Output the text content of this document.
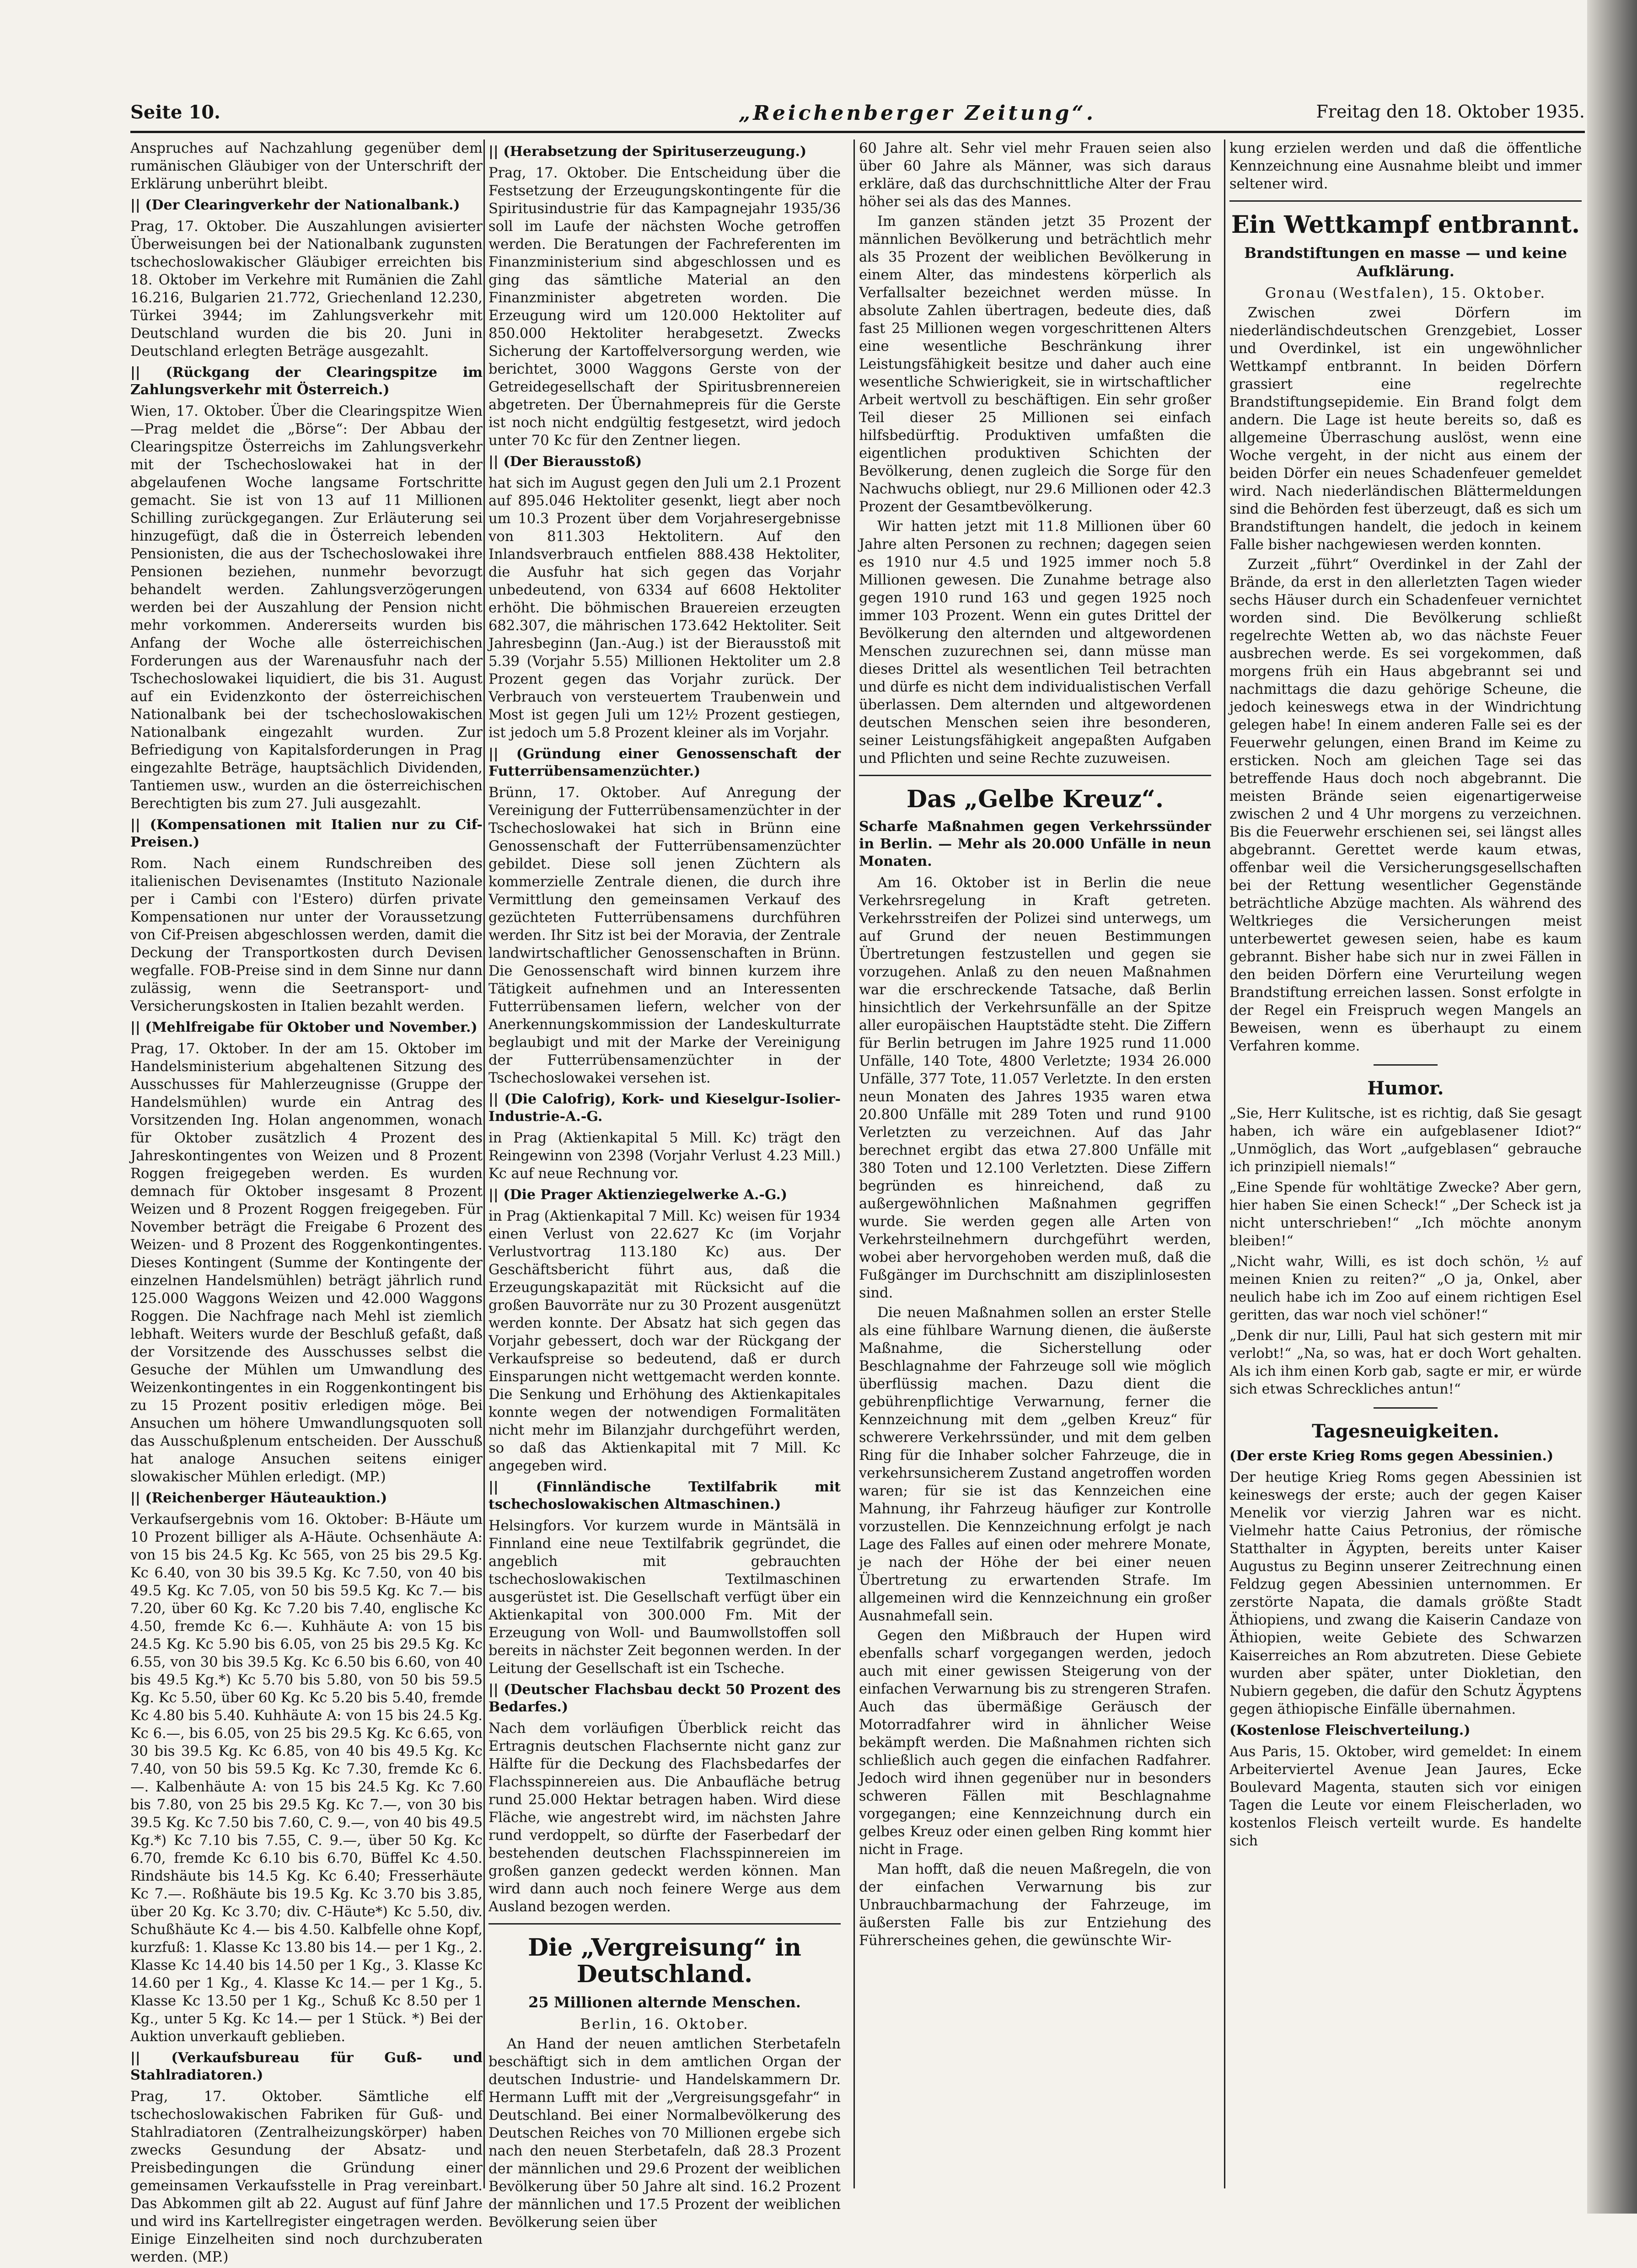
Seite 10.	„Reichenberger Zeitung“.	Freitag den 18. Oktober 1935.

Anspruches auf Nachzahlung gegenüber dem rumänischen Gläubiger von der Unterschrift der Erklärung unberührt bleibt.

|| (Der Clearingverkehr der Nationalbank.)

Prag, 17. Oktober. Die Auszahlungen avisierter Überweisungen bei der Nationalbank zugunsten tschechoslowakischer Gläubiger erreichten bis 18. Oktober im Verkehre mit Rumänien die Zahl 16.216, Bulgarien 21.772, Griechenland 12.230, Türkei 3944; im Zahlungsverkehr mit Deutschland wurden die bis 20. Juni in Deutschland erlegten Beträge ausgezahlt.

|| (Rückgang der Clearingspitze im Zahlungsverkehr mit Österreich.)

Wien, 17. Oktober. Über die Clearingspitze Wien—Prag meldet die „Börse“: Der Abbau der Clearingspitze Österreichs im Zahlungsverkehr mit der Tschechoslowakei hat in der abgelaufenen Woche langsame Fortschritte gemacht. Sie ist von 13 auf 11 Millionen Schilling zurückgegangen. Zur Erläuterung sei hinzugefügt, daß die in Österreich lebenden Pensionisten, die aus der Tschechoslowakei ihre Pensionen beziehen, nunmehr bevorzugt behandelt werden. Zahlungsverzögerungen werden bei der Auszahlung der Pension nicht mehr vorkommen. Andererseits wurden bis Anfang der Woche alle österreichischen Forderungen aus der Warenausfuhr nach der Tschechoslowakei liquidiert, die bis 31. August auf ein Evidenzkonto der österreichischen Nationalbank bei der tschechoslowakischen Nationalbank eingezahlt wurden. Zur Befriedigung von Kapitalsforderungen in Prag eingezahlte Beträge, hauptsächlich Dividenden, Tantiemen usw., wurden an die österreichischen Berechtigten bis zum 27. Juli ausgezahlt.

|| (Kompensationen mit Italien nur zu Cif-Preisen.)

Rom. Nach einem Rundschreiben des italienischen Devisenamtes (Instituto Nazionale per i Cambi con l'Estero) dürfen private Kompensationen nur unter der Voraussetzung von Cif-Preisen abgeschlossen werden, damit die Deckung der Transportkosten durch Devisen wegfalle. FOB-Preise sind in dem Sinne nur dann zulässig, wenn die Seetransport- und Versicherungskosten in Italien bezahlt werden.

|| (Mehlfreigabe für Oktober und November.)

Prag, 17. Oktober. In der am 15. Oktober im Handelsministerium abgehaltenen Sitzung des Ausschusses für Mahlerzeugnisse (Gruppe der Handelsmühlen) wurde ein Antrag des Vorsitzenden Ing. Holan angenommen, wonach für Oktober zusätzlich 4 Prozent des Jahreskontingentes von Weizen und 8 Prozent Roggen freigegeben werden. Es wurden demnach für Oktober insgesamt 8 Prozent Weizen und 8 Prozent Roggen freigegeben. Für November beträgt die Freigabe 6 Prozent des Weizen- und 8 Prozent des Roggenkontingentes. Dieses Kontingent (Summe der Kontingente der einzelnen Handelsmühlen) beträgt jährlich rund 125.000 Waggons Weizen und 42.000 Waggons Roggen. Die Nachfrage nach Mehl ist ziemlich lebhaft. Weiters wurde der Beschluß gefaßt, daß der Vorsitzende des Ausschusses selbst die Gesuche der Mühlen um Umwandlung des Weizenkontingentes in ein Roggenkontingent bis zu 15 Prozent positiv erledigen möge. Bei Ansuchen um höhere Umwandlungsquoten soll das Ausschußplenum entscheiden. Der Ausschuß hat analoge Ansuchen seitens einiger slowakischer Mühlen erledigt. (MP.)

|| (Reichenberger Häuteauktion.)

Verkaufsergebnis vom 16. Oktober: B-Häute um 10 Prozent billiger als A-Häute. Ochsenhäute A: von 15 bis 24.5 Kg. Kc 565, von 25 bis 29.5 Kg. Kc 6.40, von 30 bis 39.5 Kg. Kc 7.50, von 40 bis 49.5 Kg. Kc 7.05, von 50 bis 59.5 Kg. Kc 7.— bis 7.20, über 60 Kg. Kc 7.20 bis 7.40, englische Kc 4.50, fremde Kc 6.—. Kuhhäute A: von 15 bis 24.5 Kg. Kc 5.90 bis 6.05, von 25 bis 29.5 Kg. Kc 6.55, von 30 bis 39.5 Kg. Kc 6.50 bis 6.60, von 40 bis 49.5 Kg.*) Kc 5.70 bis 5.80, von 50 bis 59.5 Kg. Kc 5.50, über 60 Kg. Kc 5.20 bis 5.40, fremde Kc 4.80 bis 5.40. Kuhhäute A: von 15 bis 24.5 Kg. Kc 6.—, bis 6.05, von 25 bis 29.5 Kg. Kc 6.65, von 30 bis 39.5 Kg. Kc 6.85, von 40 bis 49.5 Kg. Kc 7.40, von 50 bis 59.5 Kg. Kc 7.30, fremde Kc 6.—. Kalbenhäute A: von 15 bis 24.5 Kg. Kc 7.60 bis 7.80, von 25 bis 29.5 Kg. Kc 7.—, von 30 bis 39.5 Kg. Kc 7.50 bis 7.60, C. 9.—, von 40 bis 49.5 Kg.*) Kc 7.10 bis 7.55, C. 9.—, über 50 Kg. Kc 6.70, fremde Kc 6.10 bis 6.70, Büffel Kc 4.50. Rindshäute bis 14.5 Kg. Kc 6.40; Fresserhäute Kc 7.—. Roßhäute bis 19.5 Kg. Kc 3.70 bis 3.85, über 20 Kg. Kc 3.70; div. C-Häute*) Kc 5.50, div. Schußhäute Kc 4.— bis 4.50. Kalbfelle ohne Kopf, kurzfuß: 1. Klasse Kc 13.80 bis 14.— per 1 Kg., 2. Klasse Kc 14.40 bis 14.50 per 1 Kg., 3. Klasse Kc 14.60 per 1 Kg., 4. Klasse Kc 14.— per 1 Kg., 5. Klasse Kc 13.50 per 1 Kg., Schuß Kc 8.50 per 1 Kg., unter 5 Kg. Kc 14.— per 1 Stück. *) Bei der Auktion unverkauft geblieben.

|| (Verkaufsbureau für Guß- und Stahlradiatoren.)

Prag, 17. Oktober. Sämtliche elf tschechoslowakischen Fabriken für Guß- und Stahlradiatoren (Zentralheizungskörper) haben zwecks Gesundung der Absatz- und Preisbedingungen die Gründung einer gemeinsamen Verkaufsstelle in Prag vereinbart. Das Abkommen gilt ab 22. August auf fünf Jahre und wird ins Kartellregister eingetragen werden. Einige Einzelheiten sind noch durchzuberaten werden. (MP.)

|| (Herabsetzung der Spirituserzeugung.)

Prag, 17. Oktober. Die Entscheidung über die Festsetzung der Erzeugungskontingente für die Spiritusindustrie für das Kampagnejahr 1935/36 soll im Laufe der nächsten Woche getroffen werden. Die Beratungen der Fachreferenten im Finanzministerium sind abgeschlossen und es ging das sämtliche Material an den Finanzminister abgetreten worden. Die Erzeugung wird um 120.000 Hektoliter auf 850.000 Hektoliter herabgesetzt. Zwecks Sicherung der Kartoffelversorgung werden, wie berichtet, 3000 Waggons Gerste von der Getreidegesellschaft der Spiritusbrennereien abgetreten. Der Übernahmepreis für die Gerste ist noch nicht endgültig festgesetzt, wird jedoch unter 70 Kc für den Zentner liegen.

|| (Der Bierausstoß)

hat sich im August gegen den Juli um 2.1 Prozent auf 895.046 Hektoliter gesenkt, liegt aber noch um 10.3 Prozent über dem Vorjahresergebnisse von 811.303 Hektolitern. Auf den Inlandsverbrauch entfielen 888.438 Hektoliter, die Ausfuhr hat sich gegen das Vorjahr unbedeutend, von 6334 auf 6608 Hektoliter erhöht. Die böhmischen Brauereien erzeugten 682.307, die mährischen 173.642 Hektoliter. Seit Jahresbeginn (Jan.-Aug.) ist der Bierausstoß mit 5.39 (Vorjahr 5.55) Millionen Hektoliter um 2.8 Prozent gegen das Vorjahr zurück. Der Verbrauch von versteuertem Traubenwein und Most ist gegen Juli um 12½ Prozent gestiegen, ist jedoch um 5.8 Prozent kleiner als im Vorjahr.

|| (Gründung einer Genossenschaft der Futterrübensamenzüchter.)

Brünn, 17. Oktober. Auf Anregung der Vereinigung der Futterrübensamenzüchter in der Tschechoslowakei hat sich in Brünn eine Genossenschaft der Futterrübensamenzüchter gebildet. Diese soll jenen Züchtern als kommerzielle Zentrale dienen, die durch ihre Vermittlung den gemeinsamen Verkauf des gezüchteten Futterrübensamens durchführen werden. Ihr Sitz ist bei der Moravia, der Zentrale landwirtschaftlicher Genossenschaften in Brünn. Die Genossenschaft wird binnen kurzem ihre Tätigkeit aufnehmen und an Interessenten Futterrübensamen liefern, welcher von der Anerkennungskommission der Landeskulturrate beglaubigt und mit der Marke der Vereinigung der Futterrübensamenzüchter in der Tschechoslowakei versehen ist.

|| (Die Calofrig), Kork- und Kieselgur-Isolier-Industrie-A.-G.

in Prag (Aktienkapital 5 Mill. Kc) trägt den Reingewinn von 2398 (Vorjahr Verlust 4.23 Mill.) Kc auf neue Rechnung vor.

|| (Die Prager Aktienziegelwerke A.-G.)

in Prag (Aktienkapital 7 Mill. Kc) weisen für 1934 einen Verlust von 22.627 Kc (im Vorjahr Verlustvortrag 113.180 Kc) aus. Der Geschäftsbericht führt aus, daß die Erzeugungskapazität mit Rücksicht auf die großen Bauvorräte nur zu 30 Prozent ausgenützt werden konnte. Der Absatz hat sich gegen das Vorjahr gebessert, doch war der Rückgang der Verkaufspreise so bedeutend, daß er durch Einsparungen nicht wettgemacht werden konnte. Die Senkung und Erhöhung des Aktienkapitales konnte wegen der notwendigen Formalitäten nicht mehr im Bilanzjahr durchgeführt werden, so daß das Aktienkapital mit 7 Mill. Kc angegeben wird.

|| (Finnländische Textilfabrik mit tschechoslowakischen Altmaschinen.)

Helsingfors. Vor kurzem wurde in Mäntsälä in Finnland eine neue Textilfabrik gegründet, die angeblich mit gebrauchten tschechoslowakischen Textilmaschinen ausgerüstet ist. Die Gesellschaft verfügt über ein Aktienkapital von 300.000 Fm. Mit der Erzeugung von Woll- und Baumwollstoffen soll bereits in nächster Zeit begonnen werden. In der Leitung der Gesellschaft ist ein Tscheche.

|| (Deutscher Flachsbau deckt 50 Prozent des Bedarfes.)

Nach dem vorläufigen Überblick reicht das Ertragnis deutschen Flachsernte nicht ganz zur Hälfte für die Deckung des Flachsbedarfes der Flachsspinnereien aus. Die Anbaufläche betrug rund 25.000 Hektar betragen haben. Wird diese Fläche, wie angestrebt wird, im nächsten Jahre rund verdoppelt, so dürfte der Faserbedarf der bestehenden deutschen Flachsspinnereien im großen ganzen gedeckt werden können. Man wird dann auch noch feinere Werge aus dem Ausland bezogen werden.

Die „Vergreisung“ in Deutschland.
25 Millionen alternde Menschen.
Berlin, 16. Oktober.

An Hand der neuen amtlichen Sterbetafeln beschäftigt sich in dem amtlichen Organ der deutschen Industrie- und Handelskammern Dr. Hermann Lufft mit der „Vergreisungsgefahr“ in Deutschland. Bei einer Normalbevölkerung des Deutschen Reiches von 70 Millionen ergebe sich nach den neuen Sterbetafeln, daß 28.3 Prozent der männlichen und 29.6 Prozent der weiblichen Bevölkerung über 50 Jahre alt sind. 16.2 Prozent der männlichen und 17.5 Prozent der weiblichen Bevölkerung seien über

60 Jahre alt. Sehr viel mehr Frauen seien also über 60 Jahre als Männer, was sich daraus erkläre, daß das durchschnittliche Alter der Frau höher sei als das des Mannes.

Im ganzen ständen jetzt 35 Prozent der männlichen Bevölkerung und beträchtlich mehr als 35 Prozent der weiblichen Bevölkerung in einem Alter, das mindestens körperlich als Verfallsalter bezeichnet werden müsse. In absolute Zahlen übertragen, bedeute dies, daß fast 25 Millionen wegen vorgeschrittenen Alters eine wesentliche Beschränkung ihrer Leistungsfähigkeit besitze und daher auch eine wesentliche Schwierigkeit, sie in wirtschaftlicher Arbeit wertvoll zu beschäftigen. Ein sehr großer Teil dieser 25 Millionen sei einfach hilfsbedürftig. Produktiven umfaßten die eigentlichen produktiven Schichten der Bevölkerung, denen zugleich die Sorge für den Nachwuchs obliegt, nur 29.6 Millionen oder 42.3 Prozent der Gesamtbevölkerung.

Wir hatten jetzt mit 11.8 Millionen über 60 Jahre alten Personen zu rechnen; dagegen seien es 1910 nur 4.5 und 1925 immer noch 5.8 Millionen gewesen. Die Zunahme betrage also gegen 1910 rund 163 und gegen 1925 noch immer 103 Prozent. Wenn ein gutes Drittel der Bevölkerung den alternden und altgewordenen Menschen zuzurechnen sei, dann müsse man dieses Drittel als wesentlichen Teil betrachten und dürfe es nicht dem individualistischen Verfall überlassen. Dem alternden und altgewordenen deutschen Menschen seien ihre besonderen, seiner Leistungsfähigkeit angepaßten Aufgaben und Pflichten und seine Rechte zuzuweisen.

Das „Gelbe Kreuz“.
Scharfe Maßnahmen gegen Verkehrssünder in Berlin. — Mehr als 20.000 Unfälle in neun Monaten.

Am 16. Oktober ist in Berlin die neue Verkehrsregelung in Kraft getreten. Verkehrsstreifen der Polizei sind unterwegs, um auf Grund der neuen Bestimmungen Übertretungen festzustellen und gegen sie vorzugehen. Anlaß zu den neuen Maßnahmen war die erschreckende Tatsache, daß Berlin hinsichtlich der Verkehrsunfälle an der Spitze aller europäischen Hauptstädte steht. Die Ziffern für Berlin betrugen im Jahre 1925 rund 11.000 Unfälle, 140 Tote, 4800 Verletzte; 1934 26.000 Unfälle, 377 Tote, 11.057 Verletzte. In den ersten neun Monaten des Jahres 1935 waren etwa 20.800 Unfälle mit 289 Toten und rund 9100 Verletzten zu verzeichnen. Auf das Jahr berechnet ergibt das etwa 27.800 Unfälle mit 380 Toten und 12.100 Verletzten. Diese Ziffern begründen es hinreichend, daß zu außergewöhnlichen Maßnahmen gegriffen wurde. Sie werden gegen alle Arten von Verkehrsteilnehmern durchgeführt werden, wobei aber hervorgehoben werden muß, daß die Fußgänger im Durchschnitt am disziplinlosesten sind.

Die neuen Maßnahmen sollen an erster Stelle als eine fühlbare Warnung dienen, die äußerste Maßnahme, die Sicherstellung oder Beschlagnahme der Fahrzeuge soll wie möglich überflüssig machen. Dazu dient die gebührenpflichtige Verwarnung, ferner die Kennzeichnung mit dem „gelben Kreuz“ für schwerere Verkehrssünder, und mit dem gelben Ring für die Inhaber solcher Fahrzeuge, die in verkehrsunsicherem Zustand angetroffen worden waren; für sie ist das Kennzeichen eine Mahnung, ihr Fahrzeug häufiger zur Kontrolle vorzustellen. Die Kennzeichnung erfolgt je nach Lage des Falles auf einen oder mehrere Monate, je nach der Höhe der bei einer neuen Übertretung zu erwartenden Strafe. Im allgemeinen wird die Kennzeichnung ein großer Ausnahmefall sein.

Gegen den Mißbrauch der Hupen wird ebenfalls scharf vorgegangen werden, jedoch auch mit einer gewissen Steigerung von der einfachen Verwarnung bis zu strengeren Strafen. Auch das übermäßige Geräusch der Motorradfahrer wird in ähnlicher Weise bekämpft werden. Die Maßnahmen richten sich schließlich auch gegen die einfachen Radfahrer. Jedoch wird ihnen gegenüber nur in besonders schweren Fällen mit Beschlagnahme vorgegangen; eine Kennzeichnung durch ein gelbes Kreuz oder einen gelben Ring kommt hier nicht in Frage.

Man hofft, daß die neuen Maßregeln, die von der einfachen Verwarnung bis zur Unbrauchbarmachung der Fahrzeuge, im äußersten Falle bis zur Entziehung des Führerscheines gehen, die gewünschte Wir-

kung erzielen werden und daß die öffentliche Kennzeichnung eine Ausnahme bleibt und immer seltener wird.

Ein Wettkampf entbrannt.
Brandstiftungen en masse — und keine Aufklärung.
Gronau (Westfalen), 15. Oktober.

Zwischen zwei Dörfern im niederländischdeutschen Grenzgebiet, Losser und Overdinkel, ist ein ungewöhnlicher Wettkampf entbrannt. In beiden Dörfern grassiert eine regelrechte Brandstiftungsepidemie. Ein Brand folgt dem andern. Die Lage ist heute bereits so, daß es allgemeine Überraschung auslöst, wenn eine Woche vergeht, in der nicht aus einem der beiden Dörfer ein neues Schadenfeuer gemeldet wird. Nach niederländischen Blättermeldungen sind die Behörden fest überzeugt, daß es sich um Brandstiftungen handelt, die jedoch in keinem Falle bisher nachgewiesen werden konnten.

Zurzeit „führt“ Overdinkel in der Zahl der Brände, da erst in den allerletzten Tagen wieder sechs Häuser durch ein Schadenfeuer vernichtet worden sind. Die Bevölkerung schließt regelrechte Wetten ab, wo das nächste Feuer ausbrechen werde. Es sei vorgekommen, daß morgens früh ein Haus abgebrannt sei und nachmittags die dazu gehörige Scheune, die jedoch keineswegs etwa in der Windrichtung gelegen habe! In einem anderen Falle sei es der Feuerwehr gelungen, einen Brand im Keime zu ersticken. Noch am gleichen Tage sei das betreffende Haus doch noch abgebrannt. Die meisten Brände seien eigenartigerweise zwischen 2 und 4 Uhr morgens zu verzeichnen. Bis die Feuerwehr erschienen sei, sei längst alles abgebrannt. Gerettet werde kaum etwas, offenbar weil die Versicherungsgesellschaften bei der Rettung wesentlicher Gegenstände beträchtliche Abzüge machten. Als während des Weltkrieges die Versicherungen meist unterbewertet gewesen seien, habe es kaum gebrannt. Bisher habe sich nur in zwei Fällen in den beiden Dörfern eine Verurteilung wegen Brandstiftung erreichen lassen. Sonst erfolgte in der Regel ein Freispruch wegen Mangels an Beweisen, wenn es überhaupt zu einem Verfahren komme.

Humor.

„Sie, Herr Kulitsche, ist es richtig, daß Sie gesagt haben, ich wäre ein aufgeblasener Idiot?“ „Unmöglich, das Wort „aufgeblasen“ gebrauche ich prinzipiell niemals!“

„Eine Spende für wohltätige Zwecke? Aber gern, hier haben Sie einen Scheck!“ „Der Scheck ist ja nicht unterschrieben!“ „Ich möchte anonym bleiben!“

„Nicht wahr, Willi, es ist doch schön, ½ auf meinen Knien zu reiten?“ „O ja, Onkel, aber neulich habe ich im Zoo auf einem richtigen Esel geritten, das war noch viel schöner!“

„Denk dir nur, Lilli, Paul hat sich gestern mit mir verlobt!“ „Na, so was, hat er doch Wort gehalten. Als ich ihm einen Korb gab, sagte er mir, er würde sich etwas Schreckliches antun!“

Tagesneuigkeiten.
(Der erste Krieg Roms gegen Abessinien.)

Der heutige Krieg Roms gegen Abessinien ist keineswegs der erste; auch der gegen Kaiser Menelik vor vierzig Jahren war es nicht. Vielmehr hatte Caius Petronius, der römische Statthalter in Ägypten, bereits unter Kaiser Augustus zu Beginn unserer Zeitrechnung einen Feldzug gegen Abessinien unternommen. Er zerstörte Napata, die damals größte Stadt Äthiopiens, und zwang die Kaiserin Candaze von Äthiopien, weite Gebiete des Schwarzen Kaiserreiches an Rom abzutreten. Diese Gebiete wurden aber später, unter Diokletian, den Nubiern gegeben, die dafür den Schutz Ägyptens gegen äthiopische Einfälle übernahmen.

(Kostenlose Fleischverteilung.)

Aus Paris, 15. Oktober, wird gemeldet: In einem Arbeiterviertel Avenue Jean Jaures, Ecke Boulevard Magenta, stauten sich vor einigen Tagen die Leute vor einem Fleischerladen, wo kostenlos Fleisch verteilt wurde. Es handelte sich
